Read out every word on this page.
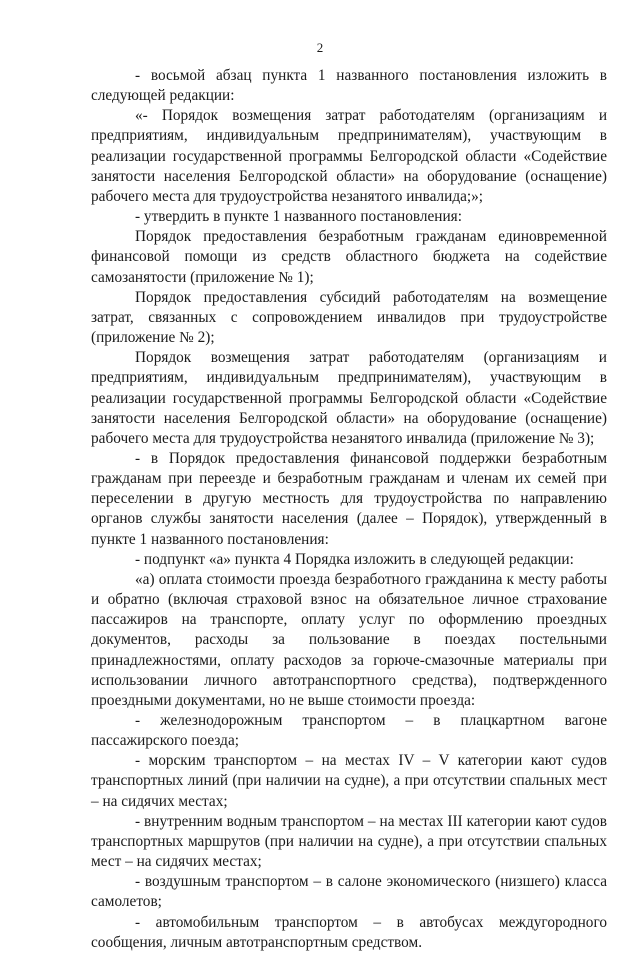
2

- восьмой абзац пункта 1 названного постановления изложить в следующей редакции:

«- Порядок возмещения затрат работодателям (организациям и предприятиям, индивидуальным предпринимателям), участвующим в реализации государственной программы Белгородской области «Содействие занятости населения Белгородской области» на оборудование (оснащение) рабочего места для трудоустройства незанятого инвалида;»;

- утвердить в пункте 1 названного постановления:

Порядок предоставления безработным гражданам единовременной финансовой помощи из средств областного бюджета на содействие самозанятости (приложение № 1);

Порядок предоставления субсидий работодателям на возмещение затрат, связанных с сопровождением инвалидов при трудоустройстве (приложение № 2);

Порядок возмещения затрат работодателям (организациям и предприятиям, индивидуальным предпринимателям), участвующим в реализации государственной программы Белгородской области «Содействие занятости населения Белгородской области» на оборудование (оснащение) рабочего места для трудоустройства незанятого инвалида (приложение № 3);

- в Порядок предоставления финансовой поддержки безработным гражданам при переезде и безработным гражданам и членам их семей при переселении в другую местность для трудоустройства по направлению органов службы занятости населения (далее – Порядок), утвержденный в пункте 1 названного постановления:

- подпункт «а» пункта 4 Порядка изложить в следующей редакции:

«а) оплата стоимости проезда безработного гражданина к месту работы и обратно (включая страховой взнос на обязательное личное страхование пассажиров на транспорте, оплату услуг по оформлению проездных документов, расходы за пользование в поездах постельными принадлежностями, оплату расходов за горюче-смазочные материалы при использовании личного автотранспортного средства), подтвержденного проездными документами, но не выше стоимости проезда:

- железнодорожным транспортом – в плацкартном вагоне пассажирского поезда;

- морским транспортом – на местах IV – V категории кают судов транспортных линий (при наличии на судне), а при отсутствии спальных мест – на сидячих местах;

- внутренним водным транспортом – на местах III категории кают судов транспортных маршрутов (при наличии на судне), а при отсутствии спальных мест – на сидячих местах;

- воздушным транспортом – в салоне экономического (низшего) класса самолетов;

- автомобильным транспортом – в автобусах междугородного сообщения, личным автотранспортным средством.
